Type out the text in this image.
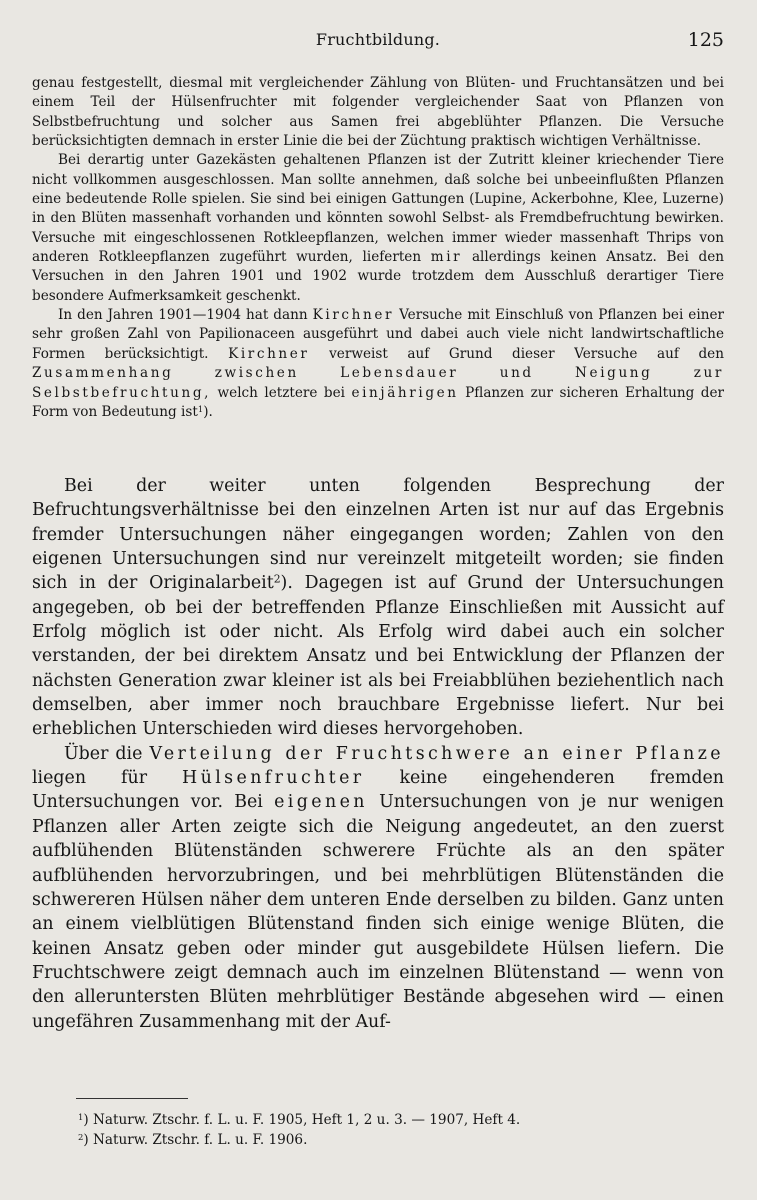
Fruchtbildung.	125

genau festgestellt, diesmal mit vergleichender Zählung von Blüten- und Fruchtansätzen und bei einem Teil der Hülsenfruchter mit folgender vergleichender Saat von Pflanzen von Selbstbefruchtung und solcher aus Samen frei abgeblühter Pflanzen. Die Versuche berücksichtigten demnach in erster Linie die bei der Züchtung praktisch wichtigen Verhältnisse.

Bei derartig unter Gazekästen gehaltenen Pflanzen ist der Zutritt kleiner kriechender Tiere nicht vollkommen ausgeschlossen. Man sollte annehmen, daß solche bei unbeeinflußten Pflanzen eine bedeutende Rolle spielen. Sie sind bei einigen Gattungen (Lupine, Ackerbohne, Klee, Luzerne) in den Blüten massenhaft vorhanden und könnten sowohl Selbst- als Fremdbefruchtung bewirken. Versuche mit eingeschlossenen Rotkleepflanzen, welchen immer wieder massenhaft Thrips von anderen Rotkleepflanzen zugeführt wurden, lieferten mir allerdings keinen Ansatz. Bei den Versuchen in den Jahren 1901 und 1902 wurde trotzdem dem Ausschluß derartiger Tiere besondere Aufmerksamkeit geschenkt.

In den Jahren 1901—1904 hat dann Kirchner Versuche mit Einschluß von Pflanzen bei einer sehr großen Zahl von Papilionaceen ausgeführt und dabei auch viele nicht landwirtschaftliche Formen berücksichtigt. Kirchner verweist auf Grund dieser Versuche auf den Zusammenhang zwischen Lebensdauer und Neigung zur Selbstbefruchtung, welch letztere bei einjährigen Pflanzen zur sicheren Erhaltung der Form von Bedeutung ist$^1$).

Bei der weiter unten folgenden Besprechung der Befruchtungsverhältnisse bei den einzelnen Arten ist nur auf das Ergebnis fremder Untersuchungen näher eingegangen worden; Zahlen von den eigenen Untersuchungen sind nur vereinzelt mitgeteilt worden; sie finden sich in der Originalarbeit$^2$). Dagegen ist auf Grund der Untersuchungen angegeben, ob bei der betreffenden Pflanze Einschließen mit Aussicht auf Erfolg möglich ist oder nicht. Als Erfolg wird dabei auch ein solcher verstanden, der bei direktem Ansatz und bei Entwicklung der Pflanzen der nächsten Generation zwar kleiner ist als bei Freiabblühen beziehentlich nach demselben, aber immer noch brauchbare Ergebnisse liefert. Nur bei erheblichen Unterschieden wird dieses hervorgehoben.

Über die Verteilung der Fruchtschwere an einer Pflanze liegen für Hülsenfruchter keine eingehenderen fremden Untersuchungen vor. Bei eigenen Untersuchungen von je nur wenigen Pflanzen aller Arten zeigte sich die Neigung angedeutet, an den zuerst aufblühenden Blütenständen schwerere Früchte als an den später aufblühenden hervorzubringen, und bei mehrblütigen Blütenständen die schwereren Hülsen näher dem unteren Ende derselben zu bilden. Ganz unten an einem vielblütigen Blütenstand finden sich einige wenige Blüten, die keinen Ansatz geben oder minder gut ausgebildete Hülsen liefern. Die Fruchtschwere zeigt demnach auch im einzelnen Blütenstand — wenn von den alleruntersten Blüten mehrblütiger Bestände abgesehen wird — einen ungefähren Zusammenhang mit der Auf-

$^1$) Naturw. Ztschr. f. L. u. F. 1905, Heft 1, 2 u. 3. — 1907, Heft 4.
$^2$) Naturw. Ztschr. f. L. u. F. 1906.
